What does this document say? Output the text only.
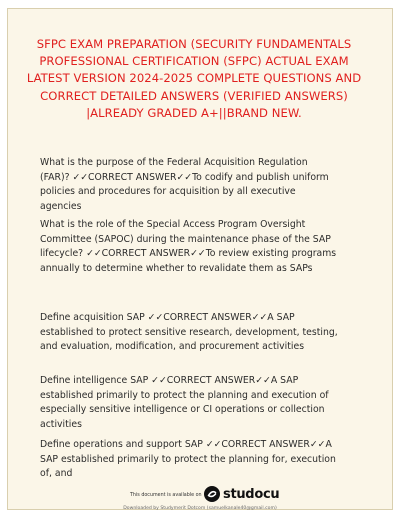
SFPC EXAM PREPARATION (SECURITY FUNDAMENTALS PROFESSIONAL CERTIFICATION (SFPC) ACTUAL EXAM LATEST VERSION 2024-2025 COMPLETE QUESTIONS AND CORRECT DETAILED ANSWERS (VERIFIED ANSWERS) |ALREADY GRADED A+||BRAND NEW.
What is the purpose of the Federal Acquisition Regulation (FAR)? ✓✓CORRECT ANSWER✓✓To codify and publish uniform policies and procedures for acquisition by all executive agencies
What is the role of the Special Access Program Oversight Committee (SAPOC) during the maintenance phase of the SAP lifecycle? ✓✓CORRECT ANSWER✓✓To review existing programs annually to determine whether to revalidate them as SAPs
Define acquisition SAP ✓✓CORRECT ANSWER✓✓A SAP established to protect sensitive research, development, testing, and evaluation, modification, and procurement activities
Define intelligence SAP ✓✓CORRECT ANSWER✓✓A SAP established primarily to protect the planning and execution of especially sensitive intelligence or CI operations or collection activities
Define operations and support SAP ✓✓CORRECT ANSWER✓✓A SAP established primarily to protect the planning for, execution of, and
This document is available on studocu
Downloaded by Studymerit Dotcom (samuelkanale40@gmail.com)
